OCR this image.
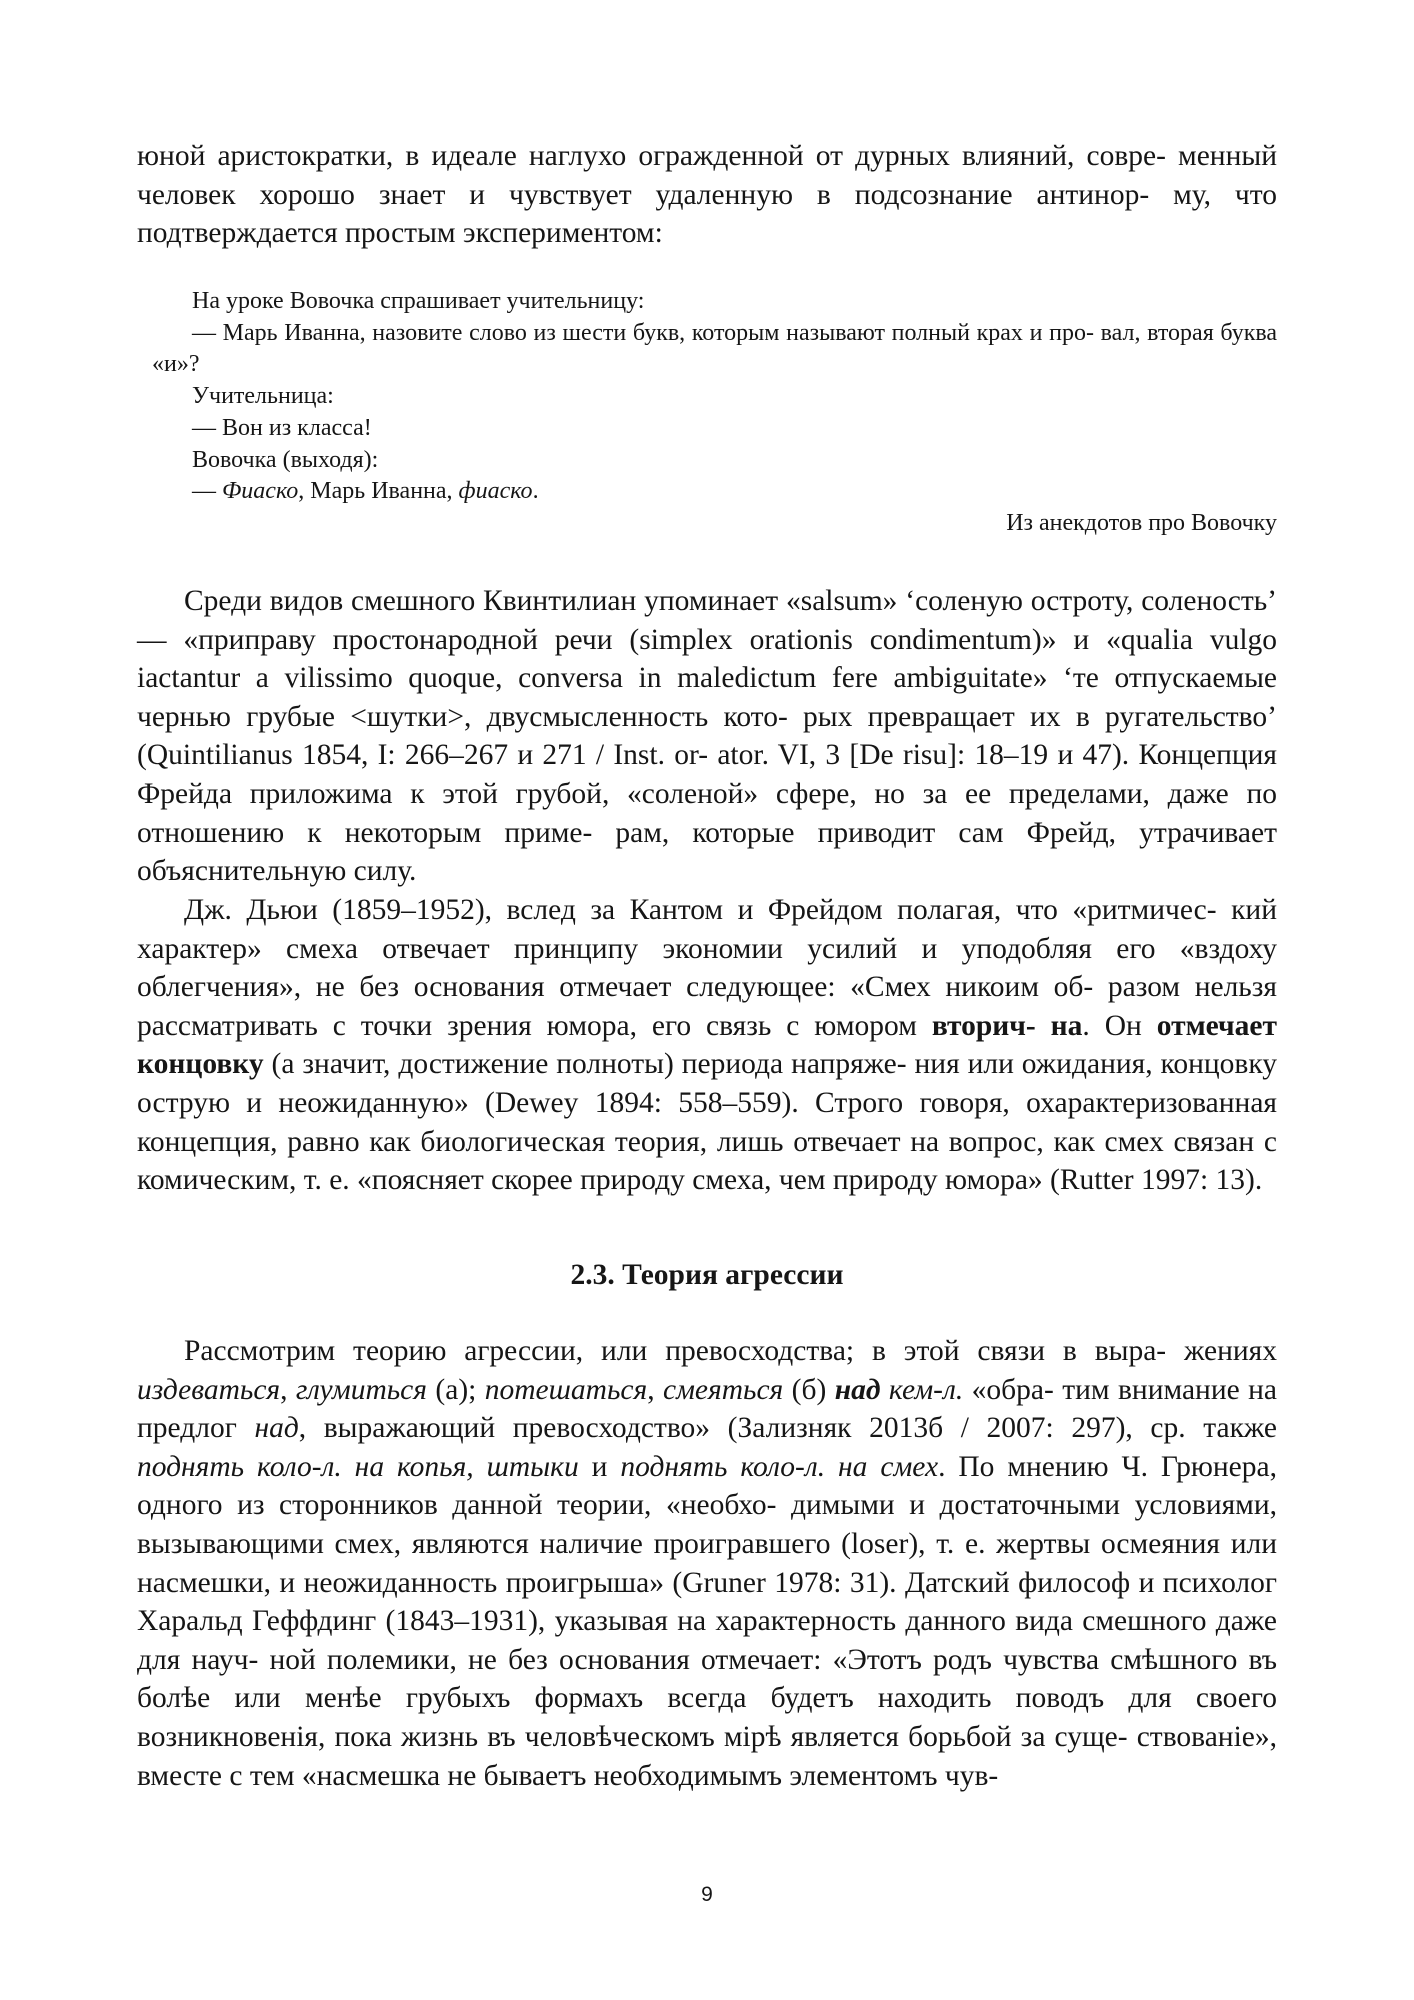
юной аристократки, в идеале наглухо огражденной от дурных влияний, совре- менный человек хорошо знает и чувствует удаленную в подсознание антинор- му, что подтверждается простым экспериментом:

На уроке Вовочка спрашивает учительницу:

— Марь Иванна, назовите слово из шести букв, которым называют полный крах и про- вал, вторая буква «и»?

Учительница:

— Вон из класса!

Вовочка (выходя):

— Фиаско, Марь Иванна, фиаско.

Из анекдотов про Вовочку

Среди видов смешного Квинтилиан упоминает «salsum» ‘соленую остроту, соленость’ — «приправу простонародной речи (simplex orationis condimentum)» и «qualia vulgo iactantur a vilissimo quoque, conversa in maledictum fere ambiguitate» ‘те отпускаемые чернью грубые <шутки>, двусмысленность кото- рых превращает их в ругательство’ (Quintilianus 1854, I: 266–267 и 271 / Inst. or- ator. VI, 3 [De risu]: 18–19 и 47). Концепция Фрейда приложима к этой грубой, «соленой» сфере, но за ее пределами, даже по отношению к некоторым приме- рам, которые приводит сам Фрейд, утрачивает объяснительную силу.

Дж. Дьюи (1859–1952), вслед за Кантом и Фрейдом полагая, что «ритмичес- кий характер» смеха отвечает принципу экономии усилий и уподобляя его «вздоху облегчения», не без основания отмечает следующее: «Смех никоим об- разом нельзя рассматривать с точки зрения юмора, его связь с юмором вторич- на. Он отмечает концовку (а значит, достижение полноты) периода напряже- ния или ожидания, концовку острую и неожиданную» (Dewey 1894: 558–559). Строго говоря, охарактеризованная концепция, равно как биологическая теория, лишь отвечает на вопрос, как смех связан с комическим, т. е. «поясняет скорее природу смеха, чем природу юмора» (Rutter 1997: 13).

2.3. Теория агрессии

Рассмотрим теорию агрессии, или превосходства; в этой связи в выра- жениях издеваться, глумиться (а); потешаться, смеяться (б) над кем-л. «обра- тим внимание на предлог над, выражающий превосходство» (Зализняк 2013б / 2007: 297), ср. также поднять коло-л. на копья, штыки и поднять коло-л. на смех. По мнению Ч. Грюнера, одного из сторонников данной теории, «необхо- димыми и достаточными условиями, вызывающими смех, являются наличие проигравшего (loser), т. е. жертвы осмеяния или насмешки, и неожиданность проигрыша» (Gruner 1978: 31). Датский философ и психолог Харальд Геффдинг (1843–1931), указывая на характерность данного вида смешного даже для науч- ной полемики, не без основания отмечает: «Этотъ родъ чувства смѣшного въ болѣе или менѣе грубыхъ формахъ всегда будетъ находить поводъ для своего возникновенія, пока жизнь въ человѣческомъ мірѣ является борьбой за суще- ствованіе», вместе с тем «насмешка не бываетъ необходимымъ элементомъ чув-

9
